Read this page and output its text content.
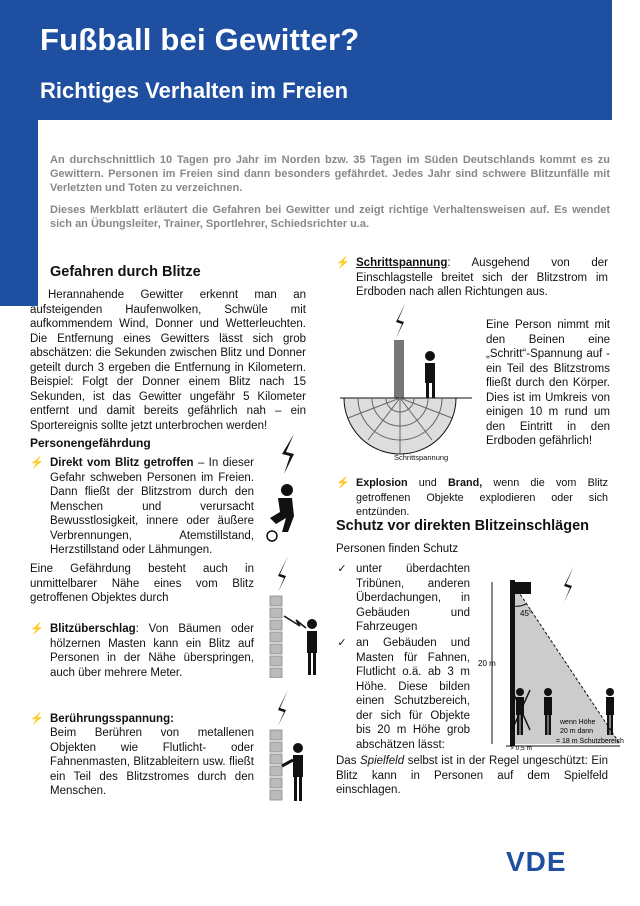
Fußball bei Gewitter?
Richtiges Verhalten im Freien
An durchschnittlich 10 Tagen pro Jahr im Norden bzw. 35 Tagen im Süden Deutschlands kommt es zu Gewittern. Personen im Freien sind dann besonders gefährdet. Jedes Jahr sind schwere Blitzunfälle mit Verletzten und Toten zu verzeichnen.
Dieses Merkblatt erläutert die Gefahren bei Gewitter und zeigt richtige Verhaltensweisen auf. Es wendet sich an Übungsleiter, Trainer, Sportlehrer, Schiedsrichter u.a.
Gefahren durch Blitze
Herannahende Gewitter erkennt man an aufsteigenden Haufenwolken, Schwüle mit aufkommendem Wind, Donner und Wetterleuchten. Die Entfernung eines Gewitters lässt sich grob abschätzen: die Sekunden zwischen Blitz und Donner geteilt durch 3 ergeben die Entfernung in Kilometern. Beispiel: Folgt der Donner einem Blitz nach 15 Sekunden, ist das Gewitter ungefähr 5 Kilometer entfernt und damit bereits gefährlich nah – ein Sportereignis sollte jetzt unterbrochen werden!
Personengefährdung
⚡ Direkt vom Blitz getroffen – In dieser Gefahr schweben Personen im Freien. Dann fließt der Blitzstrom durch den Menschen und verursacht Bewusstlosigkeit, innere oder äußere Verbrennungen, Atemstillstand, Herzstillstand oder Lähmungen.
Eine Gefährdung besteht auch in unmittelbarer Nähe eines vom Blitz getroffenen Objektes durch
⚡ Blitzüberschlag: Von Bäumen oder hölzernen Masten kann ein Blitz auf Personen in der Nähe überspringen, auch über mehrere Meter.
⚡ Berührungsspannung:
Beim Berühren von metallenen Objekten wie Flutlicht- oder Fahnenmasten, Blitzableitern usw. fließt ein Teil des Blitzstromes durch den Menschen.
⚡ Schrittspannung: Ausgehend von der Einschlagstelle breitet sich der Blitzstrom im Erdboden nach allen Richtungen aus.
Schrittspannung
Eine Person nimmt mit den Beinen eine „Schritt“-Spannung auf - ein Teil des Blitzstroms fließt durch den Körper. Dies ist im Umkreis von einigen 10 m rund um den Eintritt in den Erdboden gefährlich!
⚡ Explosion und Brand, wenn die vom Blitz getroffenen Objekte explodieren oder sich entzünden.
Schutz vor direkten Blitzeinschlägen
Personen finden Schutz
✓ unter überdachten Tribünen, anderen Überdachungen, in Gebäuden und Fahrzeugen
✓ an Gebäuden und Masten für Fahnen, Flutlicht o.ä. ab 3 m Höhe. Diese bilden einen Schutzbereich, der sich für Objekte bis 20 m Höhe grob abschätzen lässt:
45°
20 m
> 0,5 m
wenn Höhe
20 m dann
= 18 m Schutzbereich
Das Spielfeld selbst ist in der Regel ungeschützt: Ein Blitz kann in Personen auf dem Spielfeld einschlagen.
VDE
